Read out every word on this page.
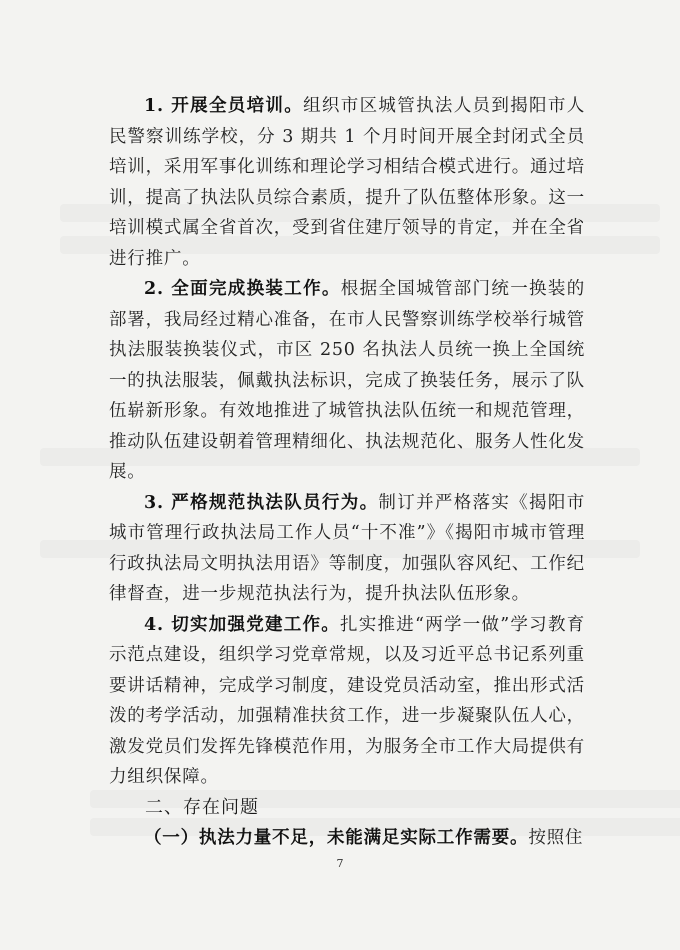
1. 开展全员培训。组织市区城管执法人员到揭阳市人民警察训练学校，分 3 期共 1 个月时间开展全封闭式全员培训，采用军事化训练和理论学习相结合模式进行。通过培训，提高了执法队员综合素质，提升了队伍整体形象。这一培训模式属全省首次，受到省住建厅领导的肯定，并在全省进行推广。

2. 全面完成换装工作。根据全国城管部门统一换装的部署，我局经过精心准备，在市人民警察训练学校举行城管执法服装换装仪式，市区 250 名执法人员统一换上全国统一的执法服装，佩戴执法标识，完成了换装任务，展示了队伍崭新形象。有效地推进了城管执法队伍统一和规范管理，推动队伍建设朝着管理精细化、执法规范化、服务人性化发展。

3. 严格规范执法队员行为。制订并严格落实《揭阳市城市管理行政执法局工作人员“十不准”》《揭阳市城市管理行政执法局文明执法用语》等制度，加强队容风纪、工作纪律督查，进一步规范执法行为，提升执法队伍形象。

4. 切实加强党建工作。扎实推进“两学一做”学习教育示范点建设，组织学习党章常规，以及习近平总书记系列重要讲话精神，完成学习制度，建设党员活动室，推出形式活泼的考学活动，加强精准扶贫工作，进一步凝聚队伍人心，激发党员们发挥先锋模范作用，为服务全市工作大局提供有力组织保障。

二、存在问题

（一）执法力量不足，未能满足实际工作需要。按照住

7
